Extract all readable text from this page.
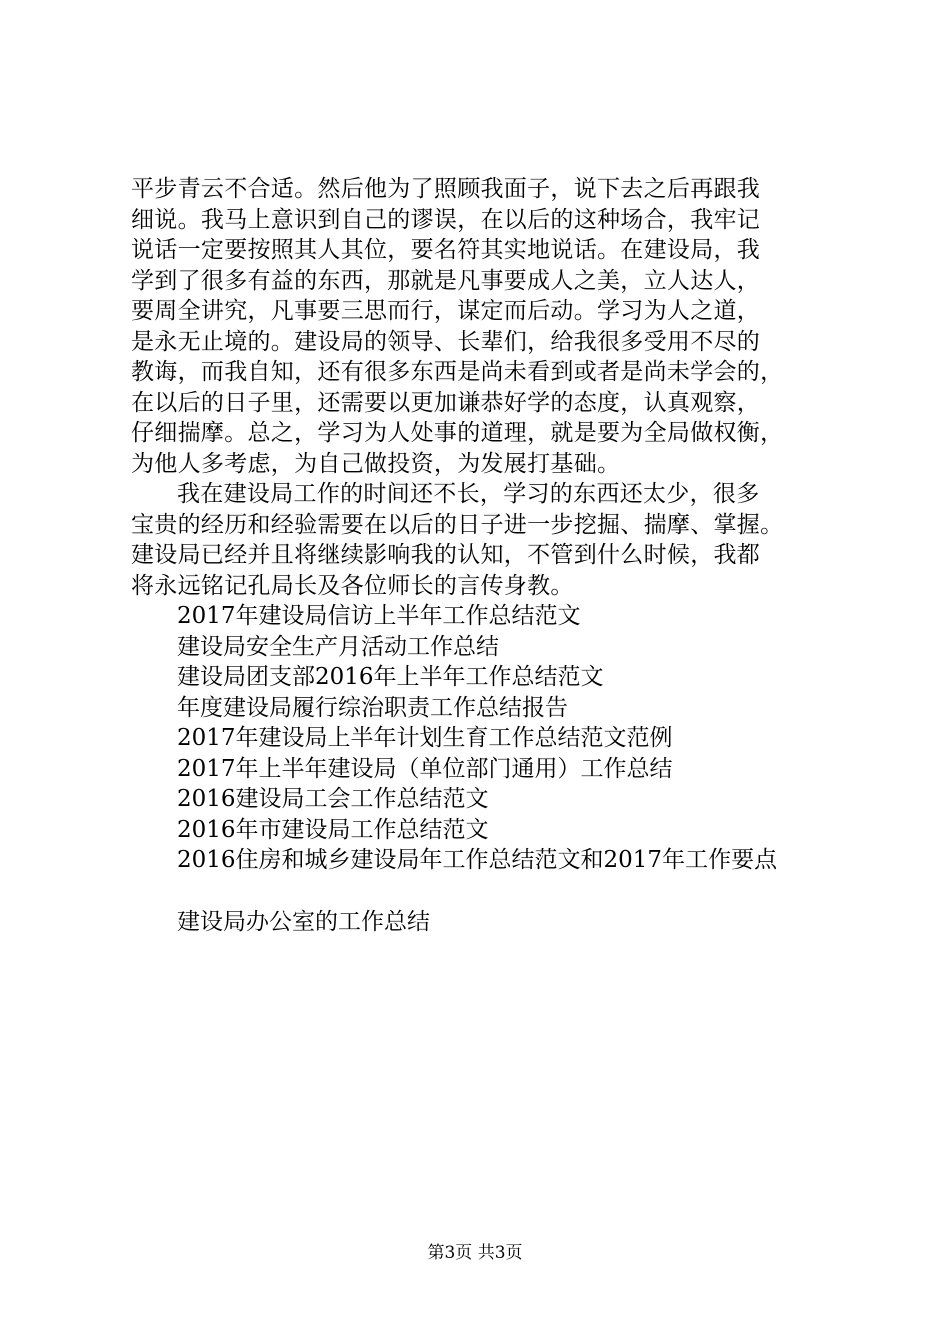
平步青云不合适。然后他为了照顾我面子，说下去之后再跟我
细说。我马上意识到自己的谬误，在以后的这种场合，我牢记
说话一定要按照其人其位，要名符其实地说话。在建设局，我
学到了很多有益的东西，那就是凡事要成人之美，立人达人，
要周全讲究，凡事要三思而行，谋定而后动。学习为人之道，
是永无止境的。建设局的领导、长辈们，给我很多受用不尽的
教诲，而我自知，还有很多东西是尚未看到或者是尚未学会的，
在以后的日子里，还需要以更加谦恭好学的态度，认真观察，
仔细揣摩。总之，学习为人处事的道理，就是要为全局做权衡，
为他人多考虑，为自己做投资，为发展打基础。
我在建设局工作的时间还不长，学习的东西还太少，很多
宝贵的经历和经验需要在以后的日子进一步挖掘、揣摩、掌握。
建设局已经并且将继续影响我的认知，不管到什么时候，我都
将永远铭记孔局长及各位师长的言传身教。
2017年建设局信访上半年工作总结范文
建设局安全生产月活动工作总结
建设局团支部2016年上半年工作总结范文
年度建设局履行综治职责工作总结报告
2017年建设局上半年计划生育工作总结范文范例
2017年上半年建设局（单位部门通用）工作总结
2016建设局工会工作总结范文
2016年市建设局工作总结范文
2016住房和城乡建设局年工作总结范文和2017年工作要点
建设局办公室的工作总结
第3页 共3页
